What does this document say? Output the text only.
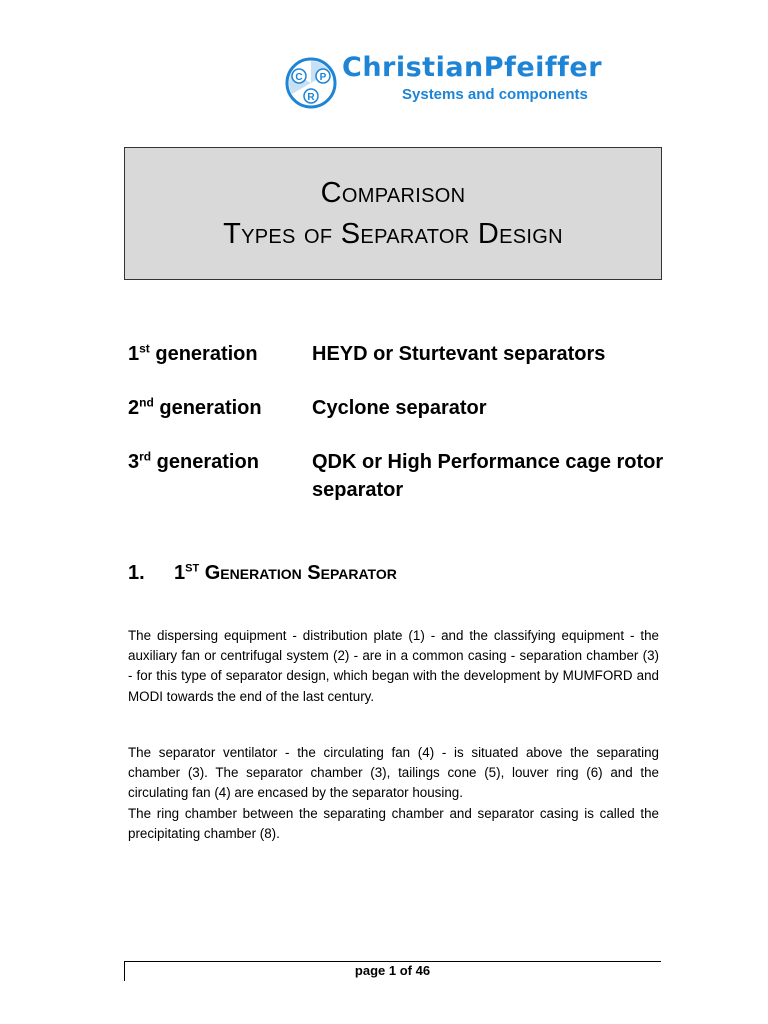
C P
R
ChristianPfeiffer
Systems and components
Comparison
Types of Separator Design
1st generation	HEYD or Sturtevant separators
2nd generation	Cyclone separator
3rd generation	QDK or High Performance cage rotor separator
1. 1ST Generation Separator

The dispersing equipment - distribution plate (1) - and the classifying equipment - the auxiliary fan or centrifugal system (2) - are in a common casing - separation chamber (3) - for this type of separator design, which began with the development by MUMFORD and MODI towards the end of the last century.

The separator ventilator - the circulating fan (4) - is situated above the separating chamber (3). The separator chamber (3), tailings cone (5), louver ring (6) and the circulating fan (4) are encased by the separator housing.

The ring chamber between the separating chamber and separator casing is called the precipitating chamber (8).

page 1 of 46
